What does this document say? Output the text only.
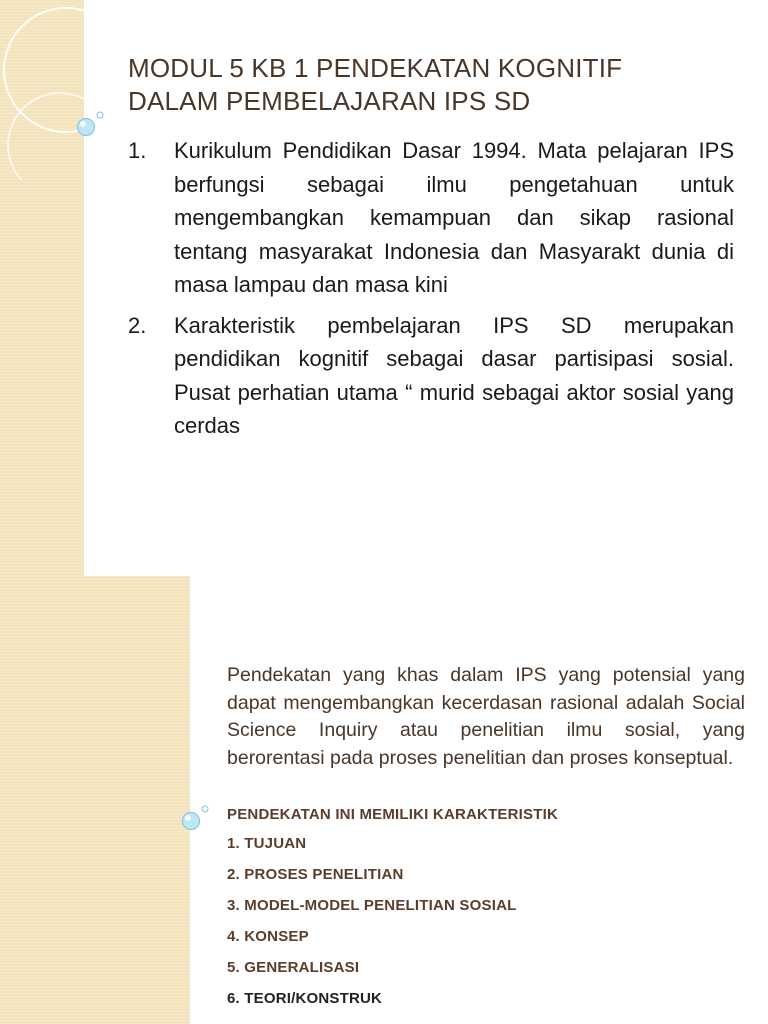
MODUL 5 KB 1 PENDEKATAN KOGNITIF
DALAM PEMBELAJARAN IPS SD
1. Kurikulum Pendidikan Dasar 1994. Mata pelajaran IPS berfungsi sebagai ilmu pengetahuan untuk mengembangkan kemampuan dan sikap rasional tentang masyarakat Indonesia dan Masyarakt dunia di masa lampau dan masa kini
2. Karakteristik pembelajaran IPS SD merupakan pendidikan kognitif sebagai dasar partisipasi sosial. Pusat perhatian utama “ murid sebagai aktor sosial yang cerdas

Pendekatan yang khas dalam IPS yang potensial yang dapat mengembangkan kecerdasan rasional adalah Social Science Inquiry atau penelitian ilmu sosial, yang berorentasi pada proses penelitian dan proses konseptual.

PENDEKATAN INI MEMILIKI KARAKTERISTIK

1. TUJUAN
2. PROSES PENELITIAN
3. MODEL-MODEL PENELITIAN SOSIAL
4. KONSEP
5. GENERALISASI
6. TEORI/KONSTRUK
